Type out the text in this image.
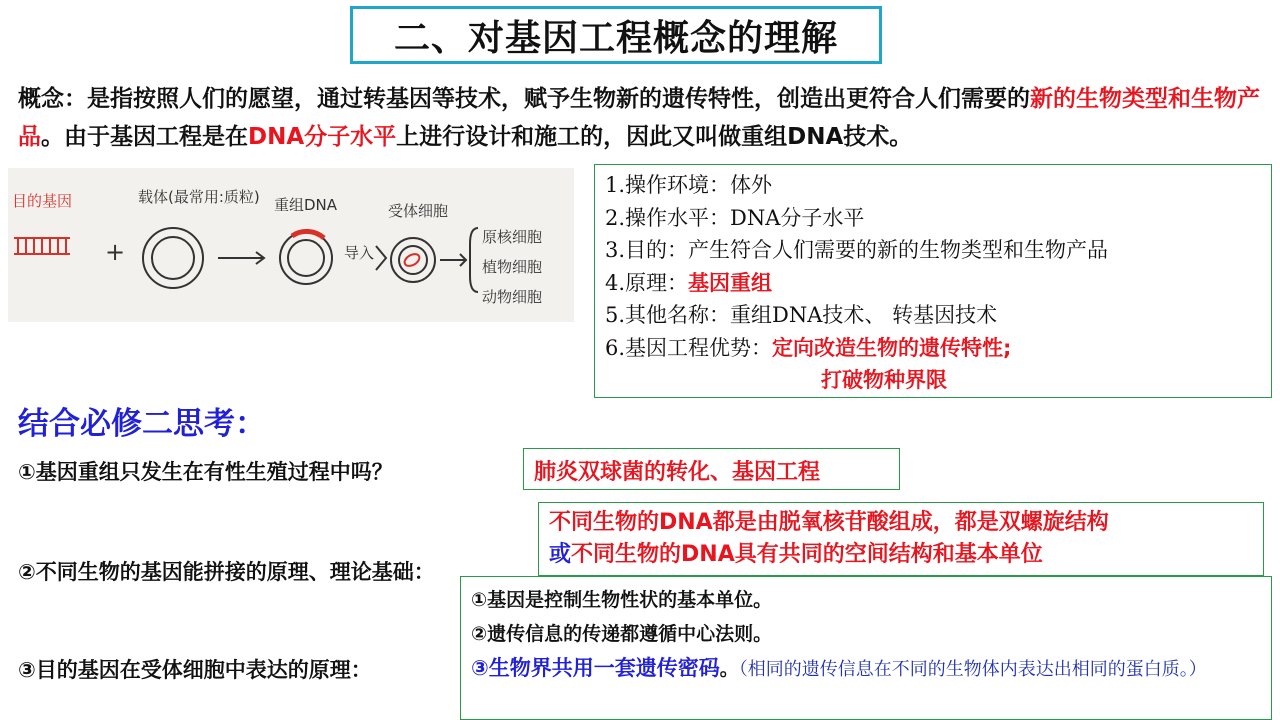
二、对基因工程概念的理解
概念：是指按照人们的愿望，通过转基因等技术，赋予生物新的遗传特性，创造出更符合人们需要的新的生物类型和生物产品。由于基因工程是在DNA分子水平上进行设计和施工的，因此又叫做重组DNA技术。
目的基因
+
载体(最常用:质粒) 重组DNA
导入
受体细胞
原核细胞
植物细胞
动物细胞
1.操作环境：体外
2.操作水平：DNA分子水平
3.目的：产生符合人们需要的新的生物类型和生物产品
4.原理：基因重组
5.其他名称：重组DNA技术、 转基因技术
6.基因工程优势：定向改造生物的遗传特性;
打破物种界限
结合必修二思考：
①基因重组只发生在有性生殖过程中吗？	肺炎双球菌的转化、基因工程
②不同生物的基因能拼接的原理、理论基础：
不同生物的DNA都是由脱氧核苷酸组成，都是双螺旋结构
或不同生物的DNA具有共同的空间结构和基本单位
③目的基因在受体细胞中表达的原理：
①基因是控制生物性状的基本单位。
②遗传信息的传递都遵循中心法则。
③生物界共用一套遗传密码。（相同的遗传信息在不同的生物体内表达出相同的蛋白质。）
